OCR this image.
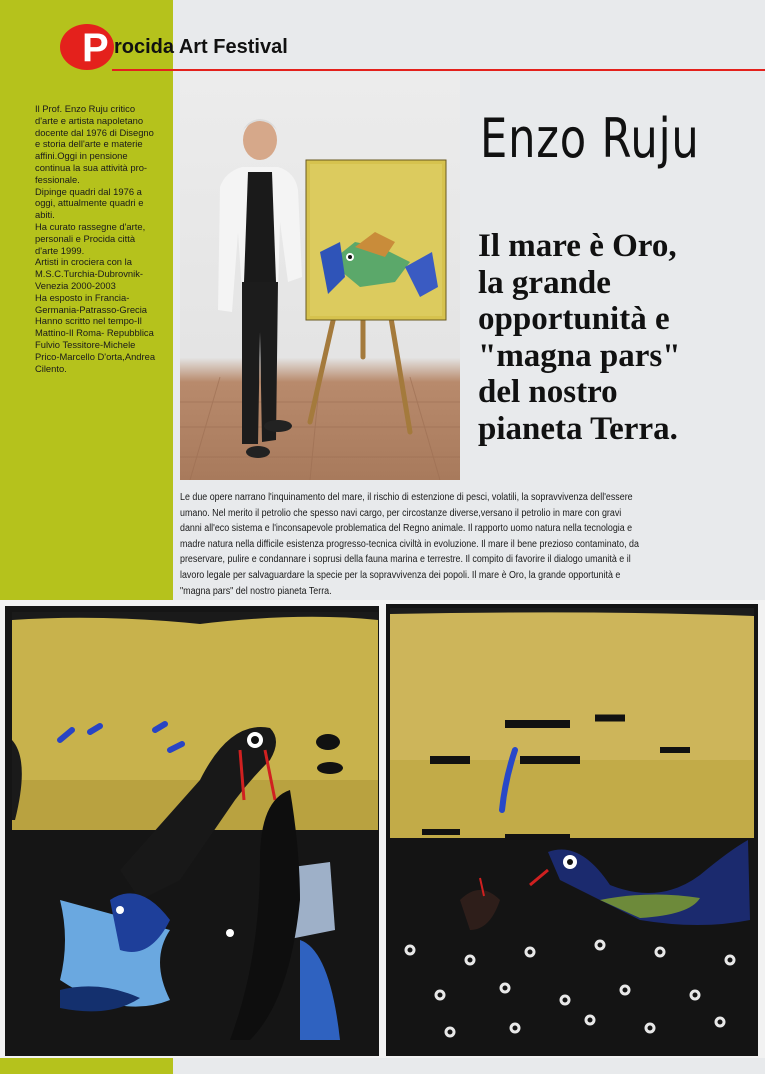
P rocida Art Festival
Il Prof. Enzo Ruju critico
d'arte e artista napoletano
docente dal 1976 di Disegno
e storia dell'arte e materie
affini.Oggi in pensione
continua la sua attività pro-
fessionale.
Dipinge quadri dal 1976 a
oggi, attualmente quadri e
abiti.
Ha curato rassegne d'arte,
personali e Procida città
d'arte 1999.
Artisti in crociera con la
M.S.C.Turchia-Dubrovnik-
Venezia 2000-2003
Ha esposto in Francia-
Germania-Patrasso-Grecia
Hanno scritto nel tempo-Il
Mattino-Il Roma- Repubblica
Fulvio Tessitore-Michele
Prico-Marcello D'orta,Andrea
Cilento.
Enzo Ruju
Il mare è Oro,
la grande
opportunità e
"magna pars"
del nostro
pianeta Terra.
Le due opere narrano l'inquinamento del mare, il rischio di estenzione di pesci, volatili, la sopravvivenza dell'essere
umano. Nel merito il petrolio che spesso navi cargo, per circostanze diverse,versano il petrolio in mare con gravi
danni all'eco sistema e l'inconsapevole problematica del Regno animale. Il rapporto uomo natura nella tecnologia e
madre natura nella difficile esistenza progresso-tecnica civiltà in evoluzione. Il mare il bene prezioso contaminato, da
preservare, pulire e condannare i soprusi della fauna marina e terrestre. Il compito di favorire il dialogo umanità e il
lavoro legale per salvaguardare la specie per la sopravvivenza dei popoli. Il mare è Oro, la grande opportunità e
"magna pars" del nostro pianeta Terra.
